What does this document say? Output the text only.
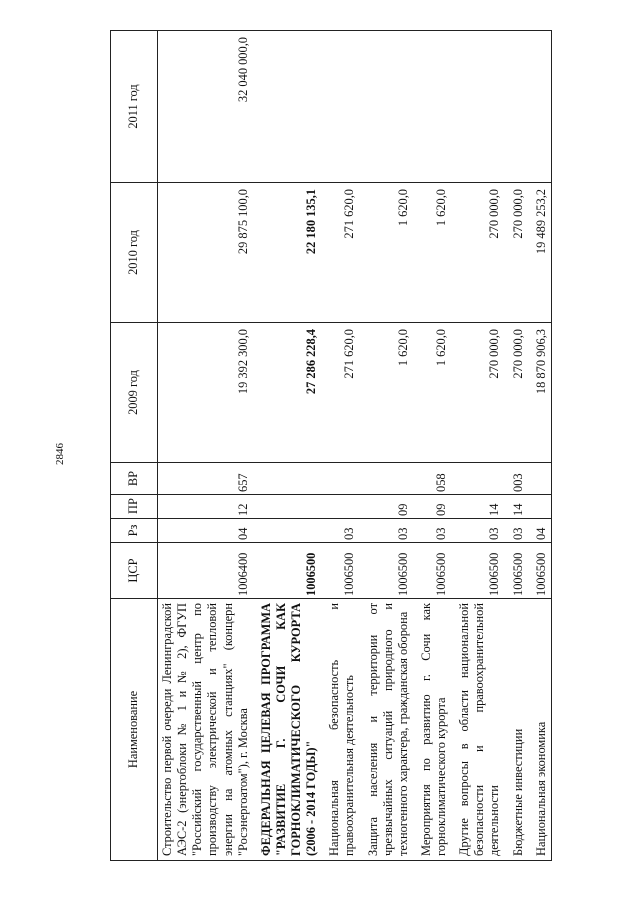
2846
Наименование	ЦСР	Рз	ПР	ВР	2009 год	2010 год	2011 год
Строительство первой очереди Ленинградской АЭС-2 (энергоблоки № 1 и № 2), ФГУП "Российский государственный центр по производству электрической и тепловой энергии на атомных станциях" (концерн "Росэнергоатом"), г. Москва	1006400	04	12	657	19 392 300,0	29 875 100,0	32 040 000,0
ФЕДЕРАЛЬНАЯ ЦЕЛЕВАЯ ПРОГРАММА "РАЗВИТИЕ Г. СОЧИ КАК ГОРНОКЛИМАТИЧЕСКОГО КУРОРТА (2006 - 2014 ГОДЫ)"	1006500				27 286 228,4	22 180 135,1	
Национальная безопасность и правоохранительная деятельность	1006500	03			271 620,0	271 620,0	
Защита населения и территории от чрезвычайных ситуаций природного и техногенного характера, гражданская оборона	1006500	03	09		1 620,0	1 620,0	
Мероприятия по развитию г. Сочи как горноклиматического курорта	1006500	03	09	058	1 620,0	1 620,0	
Другие вопросы в области национальной безопасности и правоохранительной деятельности	1006500	03	14		270 000,0	270 000,0	
Бюджетные инвестиции	1006500	03	14	003	270 000,0	270 000,0	
Национальная экономика	1006500	04			18 870 906,3	19 489 253,2	
